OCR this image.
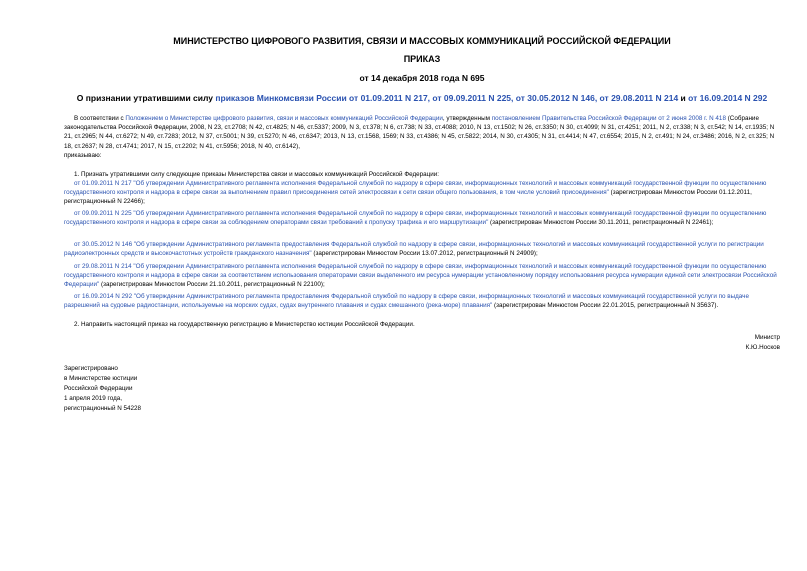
МИНИСТЕРСТВО ЦИФРОВОГО РАЗВИТИЯ, СВЯЗИ И МАССОВЫХ КОММУНИКАЦИЙ РОССИЙСКОЙ ФЕДЕРАЦИИ
ПРИКАЗ
от 14 декабря 2018 года N 695
О признании утратившими силу приказов Минкомсвязи России от 01.09.2011 N 217, от 09.09.2011 N 225, от 30.05.2012 N 146, от 29.08.2011 N 214 и от 16.09.2014 N 292
В соответствии с Положением о Министерстве цифрового развития, связи и массовых коммуникаций Российской Федерации, утвержденным постановлением Правительства Российской Федерации от 2 июня 2008 г. N 418 (Собрание законодательства Российской Федерации, 2008, N 23, ст.2708; N 42, ст.4825; N 46, ст.5337; 2009, N 3, ст.378; N 6, ст.738; N 33, ст.4088; 2010, N 13, ст.1502; N 26, ст.3350; N 30, ст.4099; N 31, ст.4251; 2011, N 2, ст.338; N 3, ст.542; N 14, ст.1935; N 21, ст.2965; N 44, ст.6272; N 49, ст.7283; 2012, N 37, ст.5001; N 39, ст.5270; N 46, ст.6347; 2013, N 13, ст.1568, 1569; N 33, ст.4386; N 45, ст.5822; 2014, N 30, ст.4305; N 31, ст.4414; N 47, ст.6554; 2015, N 2, ст.491; N 24, ст.3486; 2016, N 2, ст.325; N 18, ст.2637; N 28, ст.4741; 2017, N 15, ст.2202; N 41, ст.5956; 2018, N 40, ст.6142),
приказываю:
1. Признать утратившими силу следующие приказы Министерства связи и массовых коммуникаций Российской Федерации:
от 01.09.2011 N 217 "Об утверждении Административного регламента исполнения Федеральной службой по надзору в сфере связи, информационных технологий и массовых коммуникаций государственной функции по осуществлению государственного контроля и надзора в сфере связи за выполнением правил присоединения сетей электросвязи к сети связи общего пользования, в том числе условий присоединения" (зарегистрирован Минюстом России 01.12.2011, регистрационный N 22466);
от 09.09.2011 N 225 "Об утверждении Административного регламента исполнения Федеральной службой по надзору в сфере связи, информационных технологий и массовых коммуникаций государственной функции по осуществлению государственного контроля и надзора в сфере связи за соблюдением операторами связи требований к пропуску трафика и его маршрутизации" (зарегистрирован Минюстом России 30.11.2011, регистрационный N 22461);
от 30.05.2012 N 146 "Об утверждении Административного регламента предоставления Федеральной службой по надзору в сфере связи, информационных технологий и массовых коммуникаций государственной услуги по регистрации радиоэлектронных средств и высокочастотных устройств гражданского назначения" (зарегистрирован Минюстом России 13.07.2012, регистрационный N 24909);
от 29.08.2011 N 214 "Об утверждении Административного регламента исполнения Федеральной службой по надзору в сфере связи, информационных технологий и массовых коммуникаций государственной функции по осуществлению государственного контроля и надзора в сфере связи за соответствием использования операторами связи выделенного им ресурса нумерации установленному порядку использования ресурса нумерации единой сети электросвязи Российской Федерации" (зарегистрирован Минюстом России 21.10.2011, регистрационный N 22100);
от 16.09.2014 N 292 "Об утверждении Административного регламента предоставления Федеральной службой по надзору в сфере связи, информационных технологий и массовых коммуникаций государственной услуги по выдаче разрешений на судовые радиостанции, используемые на морских судах, судах внутреннего плавания и судах смешанного (река-море) плавания" (зарегистрирован Минюстом России 22.01.2015, регистрационный N 35637).
2. Направить настоящий приказ на государственную регистрацию в Министерство юстиции Российской Федерации.
Министр
К.Ю.Носков
Зарегистрировано
в Министерстве юстиции
Российской Федерации
1 апреля 2019 года,
регистрационный N 54228
